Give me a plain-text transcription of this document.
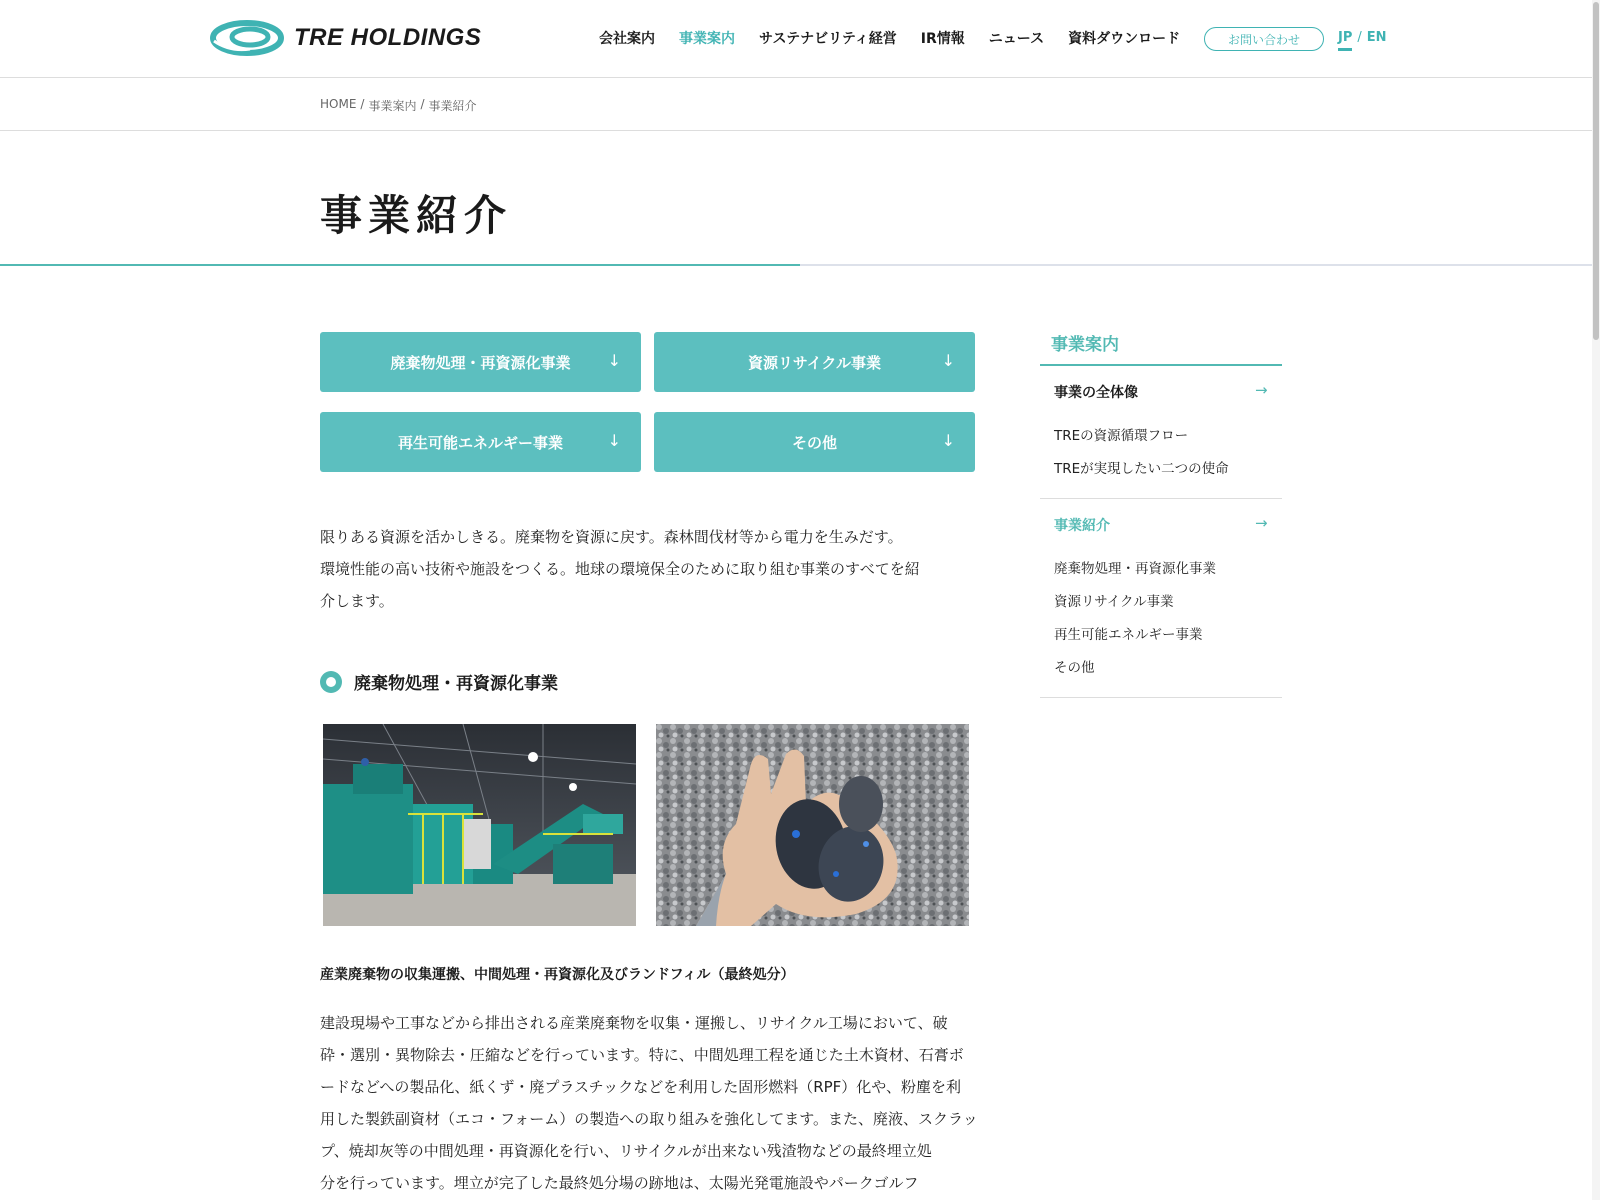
TRE HOLDINGS	会社案内 事業案内 サステナビリティ経営 IR情報 ニュース 資料ダウンロード	お問い合わせ	JP / EN
HOME / 事業案内 / 事業紹介
事業紹介
廃棄物処理・再資源化事業 ↓	資源リサイクル事業	↓
再生可能エネルギー事業	↓	その他	↓
限りある資源を活かしきる。廃棄物を資源に戻す。森林間伐材等から電力を生みだす。
環境性能の高い技術や施設をつくる。地球の環境保全のために取り組む事業のすべてを紹
介します。
廃棄物処理・再資源化事業
産業廃棄物の収集運搬、中間処理・再資源化及びランドフィル（最終処分）
建設現場や工事などから排出される産業廃棄物を収集・運搬し、リサイクル工場において、破
砕・選別・異物除去・圧縮などを行っています。特に、中間処理工程を通じた土木資材、石膏ボ
ードなどへの製品化、紙くず・廃プラスチックなどを利用した固形燃料（RPF）化や、粉塵を利
用した製鉄副資材（エコ・フォーム）の製造への取り組みを強化してます。また、廃液、スクラッ
プ、焼却灰等の中間処理・再資源化を行い、リサイクルが出来ない残渣物などの最終埋立処
分を行っています。埋立が完了した最終処分場の跡地は、太陽光発電施設やパークゴルフ
事業案内
事業の全体像	→
TREの資源循環フロー
TREが実現したい二つの使命
事業紹介	→
廃棄物処理・再資源化事業
資源リサイクル事業
再生可能エネルギー事業
その他
